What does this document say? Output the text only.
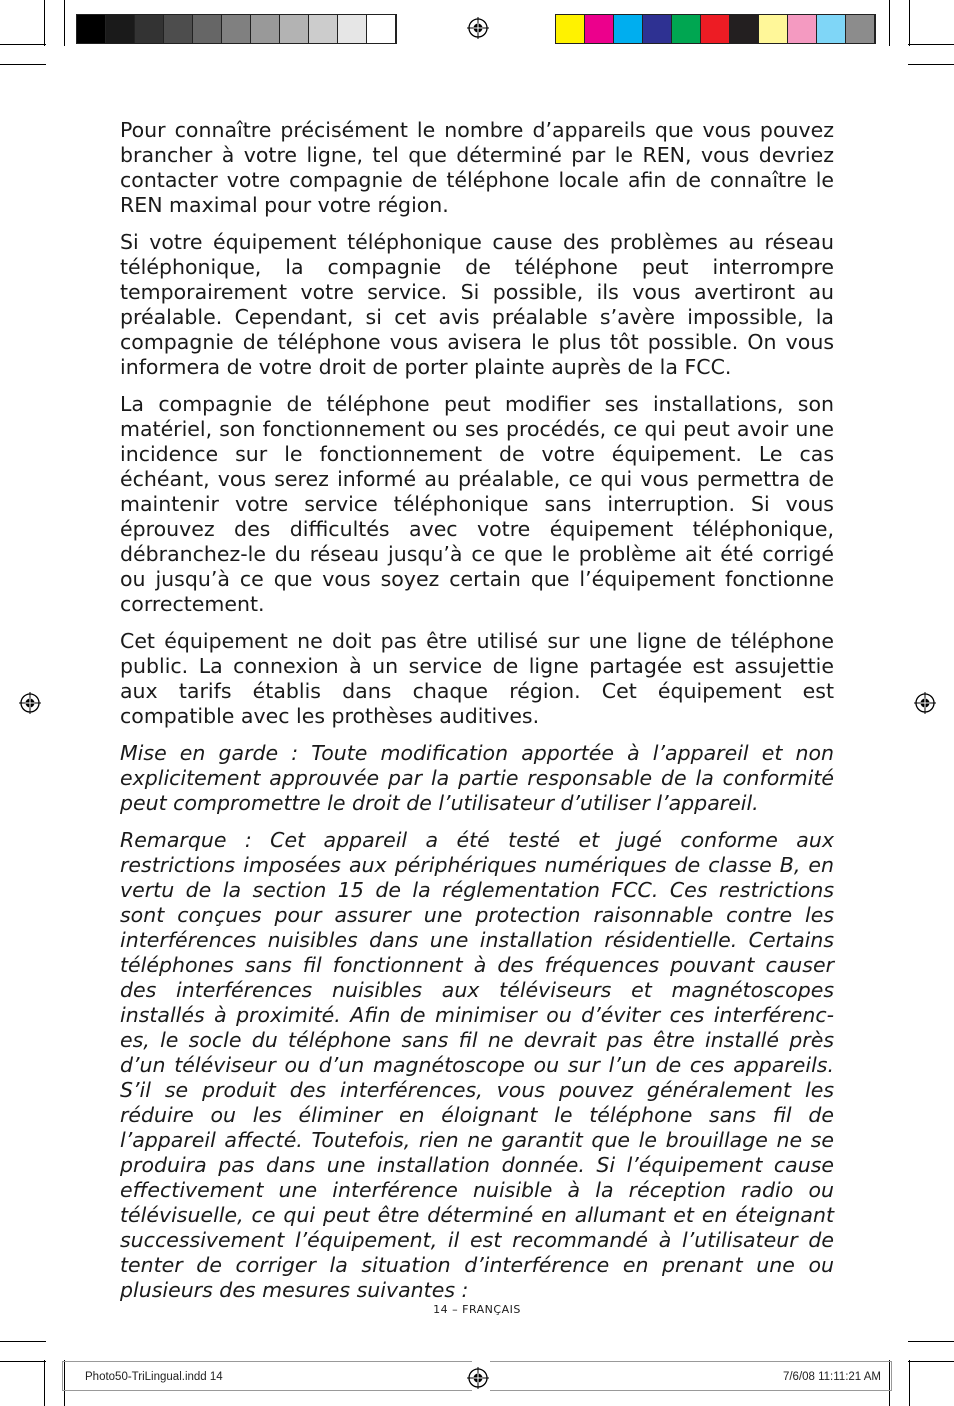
Pour connaître précisément le nombre d’appareils que vous pouvez brancher à votre ligne, tel que déterminé par le REN, vous devriez contacter votre compagnie de téléphone locale afin de connaître le REN maximal pour votre région.

Si votre équipement téléphonique cause des problèmes au réseau téléphonique, la compagnie de téléphone peut interrompre temporairement votre service. Si possible, ils vous avertiront au préalable. Cependant, si cet avis préalable s’avère impossible, la compagnie de téléphone vous avisera le plus tôt possible. On vous informera de votre droit de porter plainte auprès de la FCC.

La compagnie de téléphone peut modifier ses installations, son matériel, son fonctionnement ou ses procédés, ce qui peut avoir une incidence sur le fonctionnement de votre équipement. Le cas échéant, vous serez informé au préalable, ce qui vous permettra de maintenir votre service téléphonique sans interruption. Si vous éprouvez des difficultés avec votre équipement téléphonique, débranchez-le du réseau jusqu’à ce que le problème ait été corrigé ou jusqu’à ce que vous soyez certain que l’équipement fonctionne correctement.

Cet équipement ne doit pas être utilisé sur une ligne de téléphone public. La connexion à un service de ligne partagée est assujettie aux tarifs établis dans chaque région. Cet équipement est compatible avec les prothèses auditives.

Mise en garde : Toute modification apportée à l’appareil et non explicitement approuvée par la partie responsable de la conformité peut compromettre le droit de l’utilisateur d’utiliser l’appareil.

Remarque : Cet appareil a été testé et jugé conforme aux restrictions imposées aux périphériques numériques de classe B, en vertu de la section 15 de la réglementation FCC. Ces restrictions sont conçues pour assurer une protection raisonnable contre les interférences nuisibles dans une installation résidentielle. Certains téléphones sans fil fonctionnent à des fréquences pouvant causer des interférences nuisibles aux téléviseurs et magnétoscopes installés à proximité. Afin de minimiser ou d’éviter ces interférenc-es, le socle du téléphone sans fil ne devrait pas être installé près d’un téléviseur ou d’un magnétoscope ou sur l’un de ces appareils. S’il se produit des interférences, vous pouvez généralement les réduire ou les éliminer en éloignant le téléphone sans fil de l’appareil affecté. Toutefois, rien ne garantit que le brouillage ne se produira pas dans une installation donnée. Si l’équipement cause effectivement une interférence nuisible à la réception radio ou télévisuelle, ce qui peut être déterminé en allumant et en éteignant successivement l’équipement, il est recommandé à l’utilisateur de tenter de corriger la situation d’interférence en prenant une ou plusieurs des mesures suivantes :

14 – FRANÇAIS
Photo50-TriLingual.indd 14	7/6/08 11:11:21 AM
